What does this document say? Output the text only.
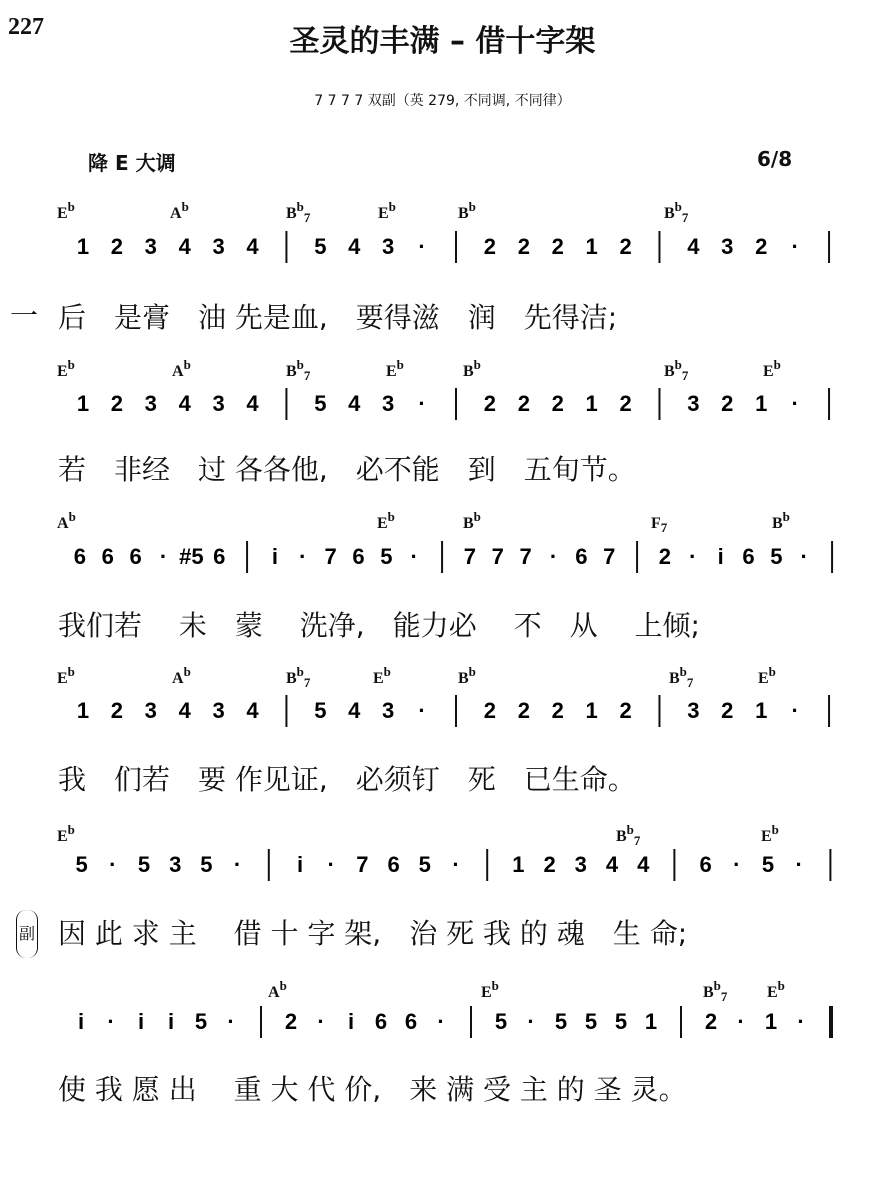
227	圣灵的丰满 – 借十字架
7 7 7 7 双副（英 279, 不同调, 不同律）
降 E 大调	6/8
一
副
$E^b$	$A^b$	$B^b_7$	$E^b$	$B^b$	$B^b_7$
1 2 3 4 3 4	5 4 3 ·	2 2 2 1 2	4 3 2 ·
后　是膏　油 先是血,　要得滋　润　先得洁;
$E^b$	$A^b$	$B^b_7$	$E^b$	$B^b$	$B^b_7$	$E^b$
1 2 3 4 3 4	5 4 3 ·	2 2 2 1 2	3 2 1 ·
若　非经　过 各各他,　必不能　到　五旬节。
$A^b$	$E^b$	$B^b$	$F_7$	$B^b$
6 6 6 · #5 6 i · 7 6 5 · 7 7 7 · 6 7 2 · i 6 5 ·
我们若　 未　蒙　 洗净,　能力必　 不　从　 上倾;
$E^b$	$A^b$	$B^b_7$	$E^b$	$B^b$	$B^b_7$	$E^b$
1 2 3 4 3 4	5 4 3 ·	2 2 2 1 2	3 2 1 ·
我　们若　要 作见证,　必须钉　死　已生命。
$E^b$	$B^b_7$	$E^b$
5 · 5 3 5 ·	i · 7 6 5 · 1 2 3 4 4 6 · 5 ·
因 此 求 主　 借 十 字 架,　治 死 我 的 魂　生 命;
$A^b$	$E^b$	$B^b_7$ $E^b$
i · i i 5 · 2 · i 6 6 · 5 · 5 5 5 1 2 · 1 ·
使 我 愿 出　 重 大 代 价,　来 满 受 主 的 圣 灵。
